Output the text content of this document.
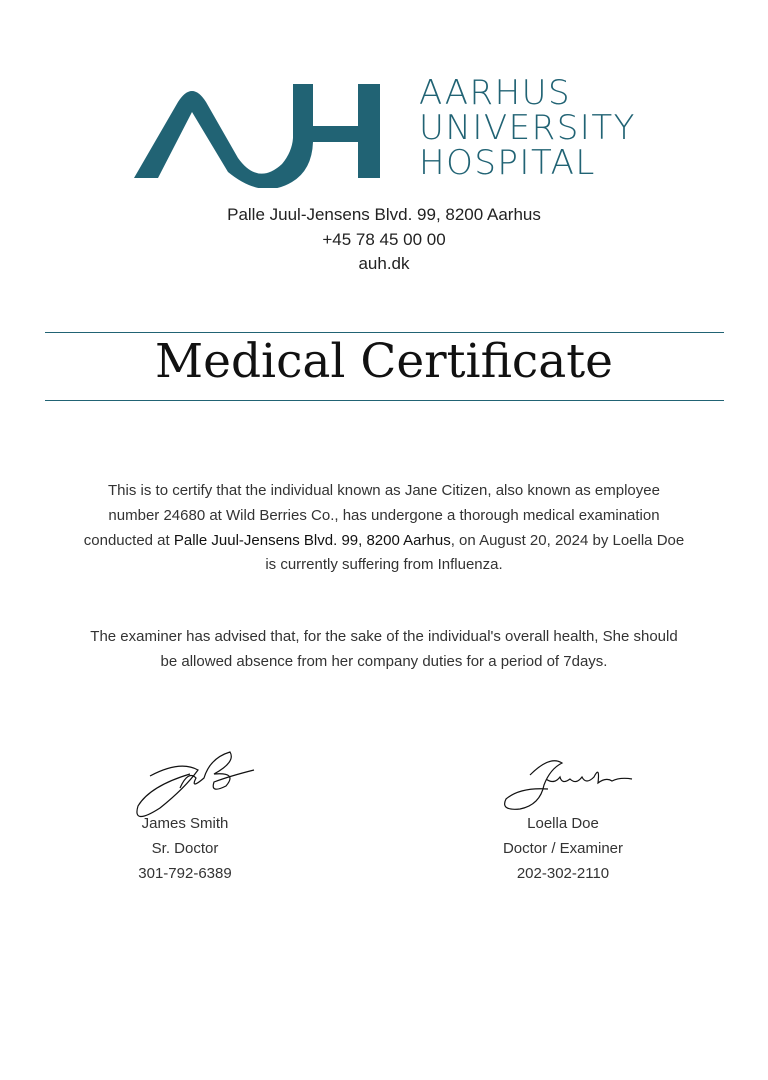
AARHUS
UNIVERSITY
HOSPITAL
Palle Juul-Jensens Blvd. 99, 8200 Aarhus
+45 78 45 00 00
auh.dk
Medical Certificate
This is to certify that the individual known as Jane Citizen, also known as employee
number 24680 at Wild Berries Co., has undergone a thorough medical examination
conducted at Palle Juul-Jensens Blvd. 99, 8200 Aarhus, on August 20, 2024 by Loella Doe
is currently suffering from Influenza.
The examiner has advised that, for the sake of the individual's overall health, She should
be allowed absence from her company duties for a period of 7days.
James Smith
Sr. Doctor
301-792-6389
Loella Doe
Doctor / Examiner
202-302-2110
